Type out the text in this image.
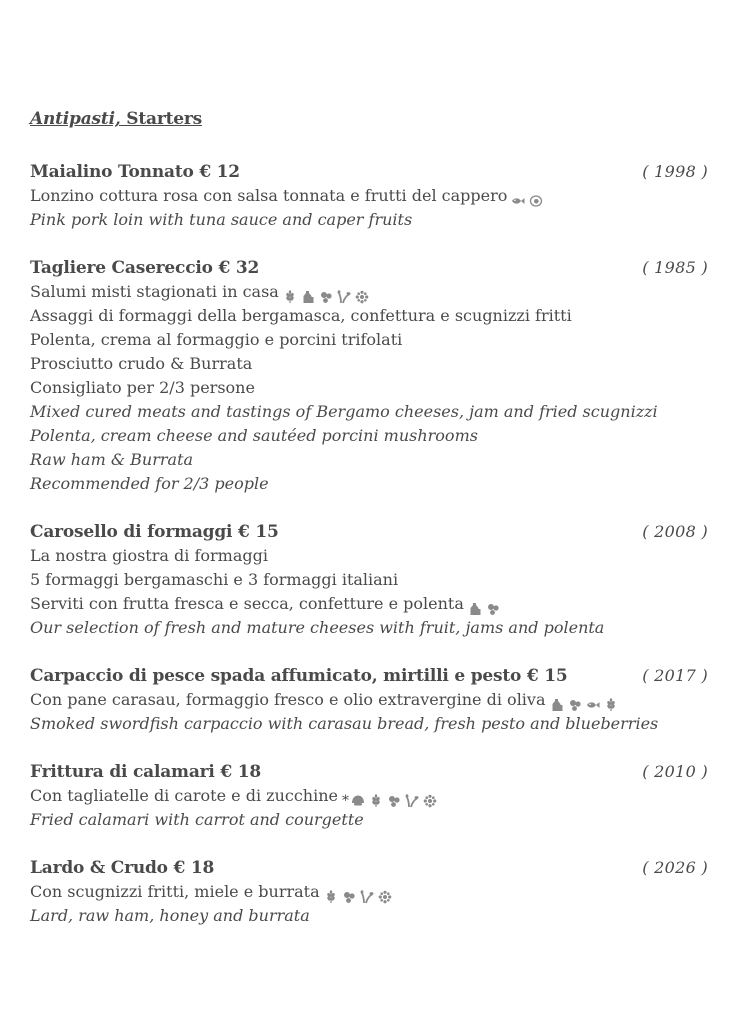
Antipasti, Starters
Maialino Tonnato € 12	( 1998 )
Lonzino cottura rosa con salsa tonnata e frutti del cappero
Pink pork loin with tuna sauce and caper fruits
Tagliere Casereccio € 32	( 1985 )
Salumi misti stagionati in casa
Assaggi di formaggi della bergamasca, confettura e scugnizzi fritti
Polenta, crema al formaggio e porcini trifolati
Prosciutto crudo & Burrata
Consigliato per 2/3 persone
Mixed cured meats and tastings of Bergamo cheeses, jam and fried scugnizzi
Polenta, cream cheese and sautéed porcini mushrooms
Raw ham & Burrata
Recommended for 2/3 people
Carosello di formaggi € 15	( 2008 )
La nostra giostra di formaggi
5 formaggi bergamaschi e 3 formaggi italiani
Serviti con frutta fresca e secca, confetture e polenta
Our selection of fresh and mature cheeses with fruit, jams and polenta
Carpaccio di pesce spada affumicato, mirtilli e pesto € 15	( 2017 )
Con pane carasau, formaggio fresco e olio extravergine di oliva
Smoked swordfish carpaccio with carasau bread, fresh pesto and blueberries
Frittura di calamari € 18	( 2010 )
Con tagliatelle di carote e di zucchine *
Fried calamari with carrot and courgette
Lardo & Crudo € 18	( 2026 )
Con scugnizzi fritti, miele e burrata
Lard, raw ham, honey and burrata
